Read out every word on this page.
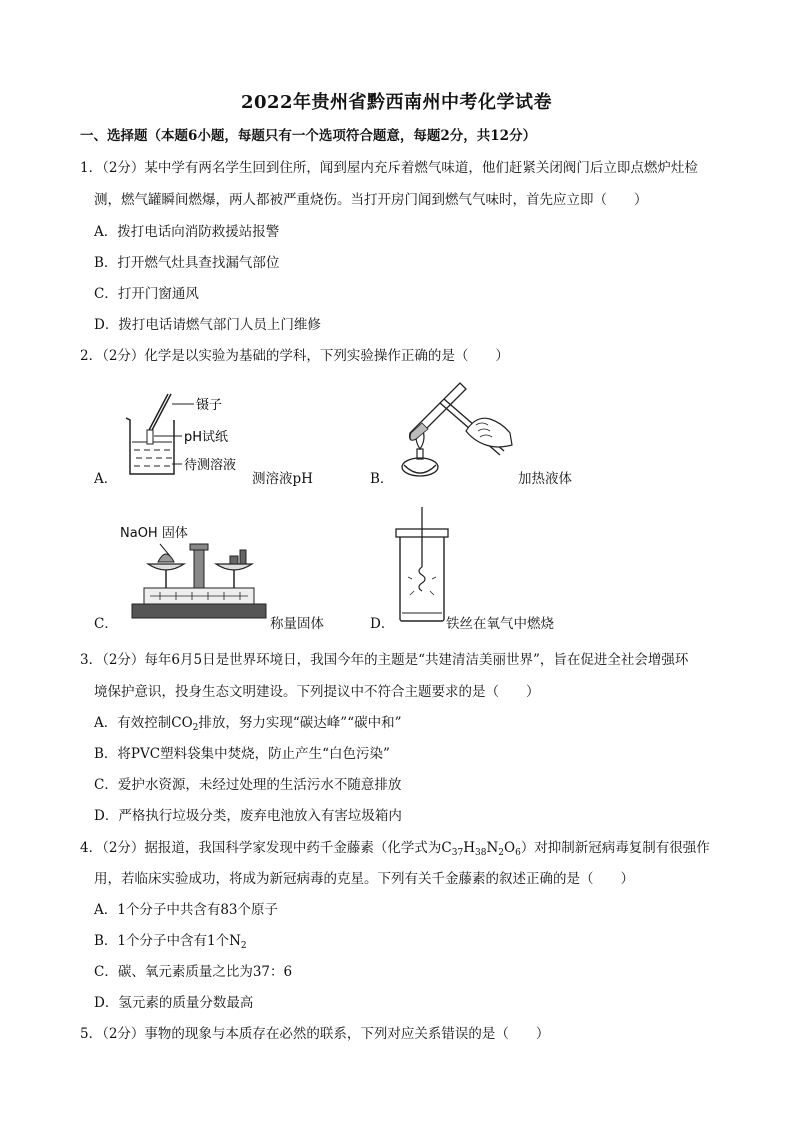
2022年贵州省黔西南州中考化学试卷
一、选择题（本题6小题，每题只有一个选项符合题意，每题2分，共12分）
1．（2分）某中学有两名学生回到住所，闻到屋内充斥着燃气味道，他们赶紧关闭阀门后立即点燃炉灶检
测，燃气罐瞬间燃爆，两人都被严重烧伤。当打开房门闻到燃气气味时，首先应立即（　　）
A．拨打电话向消防救援站报警
B．打开燃气灶具查找漏气部位
C．打开门窗通风
D．拨打电话请燃气部门人员上门维修
2．（2分）化学是以实验为基础的学科，下列实验操作正确的是（　　）
A．
镊子
pH试纸
待测溶液
测溶液pH	B．	加热液体
C．
NaOH 固体
称量固体	D．	铁丝在氧气中燃烧
3．（2分）每年6月5日是世界环境日，我国今年的主题是“共建清洁美丽世界”，旨在促进全社会增强环
境保护意识，投身生态文明建设。下列提议中不符合主题要求的是（　　）
A．有效控制$CO_2$排放，努力实现“碳达峰”“碳中和”
B．将PVC塑料袋集中焚烧，防止产生“白色污染”
C．爱护水资源，未经过处理的生活污水不随意排放
D．严格执行垃圾分类，废弃电池放入有害垃圾箱内
4．（2分）据报道，我国科学家发现中药千金藤素（化学式为$C_{37}H_{38}N_2O_6$）对抑制新冠病毒复制有很强作
用，若临床实验成功，将成为新冠病毒的克星。下列有关千金藤素的叙述正确的是（　　）
A．1个分子中共含有83个原子
B．1个分子中含有1个$N_2$
C．碳、氧元素质量之比为37：6
D．氢元素的质量分数最高
5．（2分）事物的现象与本质存在必然的联系，下列对应关系错误的是（　　）
